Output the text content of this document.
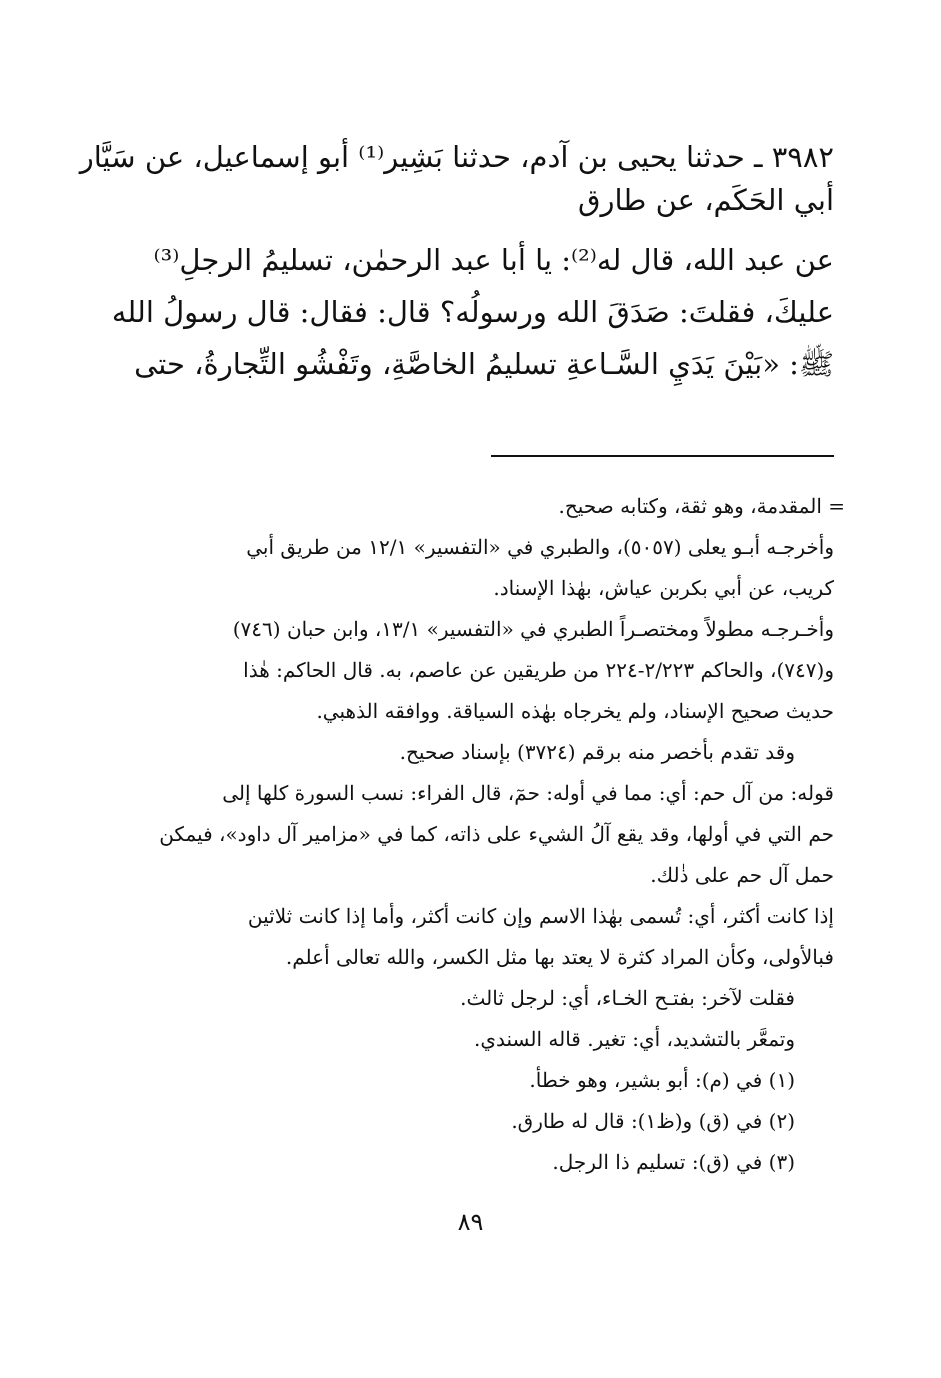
٣٩٨٢ ـ حدثنا يحيى بن آدم، حدثنا بَشِير⁽¹⁾ أبو إسماعيل، عن سَيَّار
أبي الحَكَم، عن طارق
عن عبد الله، قال له⁽²⁾: يا أبا عبد الرحمٰن، تسليمُ الرجلِ⁽³⁾
عليكَ، فقلتَ: صَدَقَ الله ورسولُه؟ قال: فقال: قال رسولُ الله
ﷺ: «بَيْنَ يَدَيِ السَّـاعةِ تسليمُ الخاصَّةِ، وتَفْشُو التِّجارةُ، حتى
= المقدمة، وهو ثقة، وكتابه صحيح.
وأخرجـه أبـو يعلى (٥٠٥٧)، والطبري في «التفسير» ١٢/١ من طريق أبي
كريب، عن أبي بكربن عياش، بهٰذا الإسناد.
وأخـرجـه مطولاً ومختصـراً الطبري في «التفسير» ١٣/١، وابن حبان (٧٤٦)
و(٧٤٧)، والحاكم ٢/٢٢٣-٢٢٤ من طريقين عن عاصم، به. قال الحاكم: هٰذا
حديث صحيح الإسناد، ولم يخرجاه بهٰذه السياقة. ووافقه الذهبي.
وقد تقدم بأخصر منه برقم (٣٧٢٤) بإسناد صحيح.
قوله: من آل حم: أي: مما في أوله: حمٓ، قال الفراء: نسب السورة كلها إلى
حم التي في أولها، وقد يقع آلُ الشيء على ذاته، كما في «مزامير آل داود»، فيمكن
حمل آل حم على ذٰلك.
إذا كانت أكثر، أي: تُسمى بهٰذا الاسم وإن كانت أكثر، وأما إذا كانت ثلاثين
فبالأولى، وكأن المراد كثرة لا يعتد بها مثل الكسر، والله تعالى أعلم.
فقلت لآخر: بفتـح الخـاء، أي: لرجل ثالث.
وتمعَّر بالتشديد، أي: تغير. قاله السندي.
(١) في (م): أبو بشير، وهو خطأ.
(٢) في (ق) و(ظ١): قال له طارق.
(٣) في (ق): تسليم ذا الرجل.
٨٩
